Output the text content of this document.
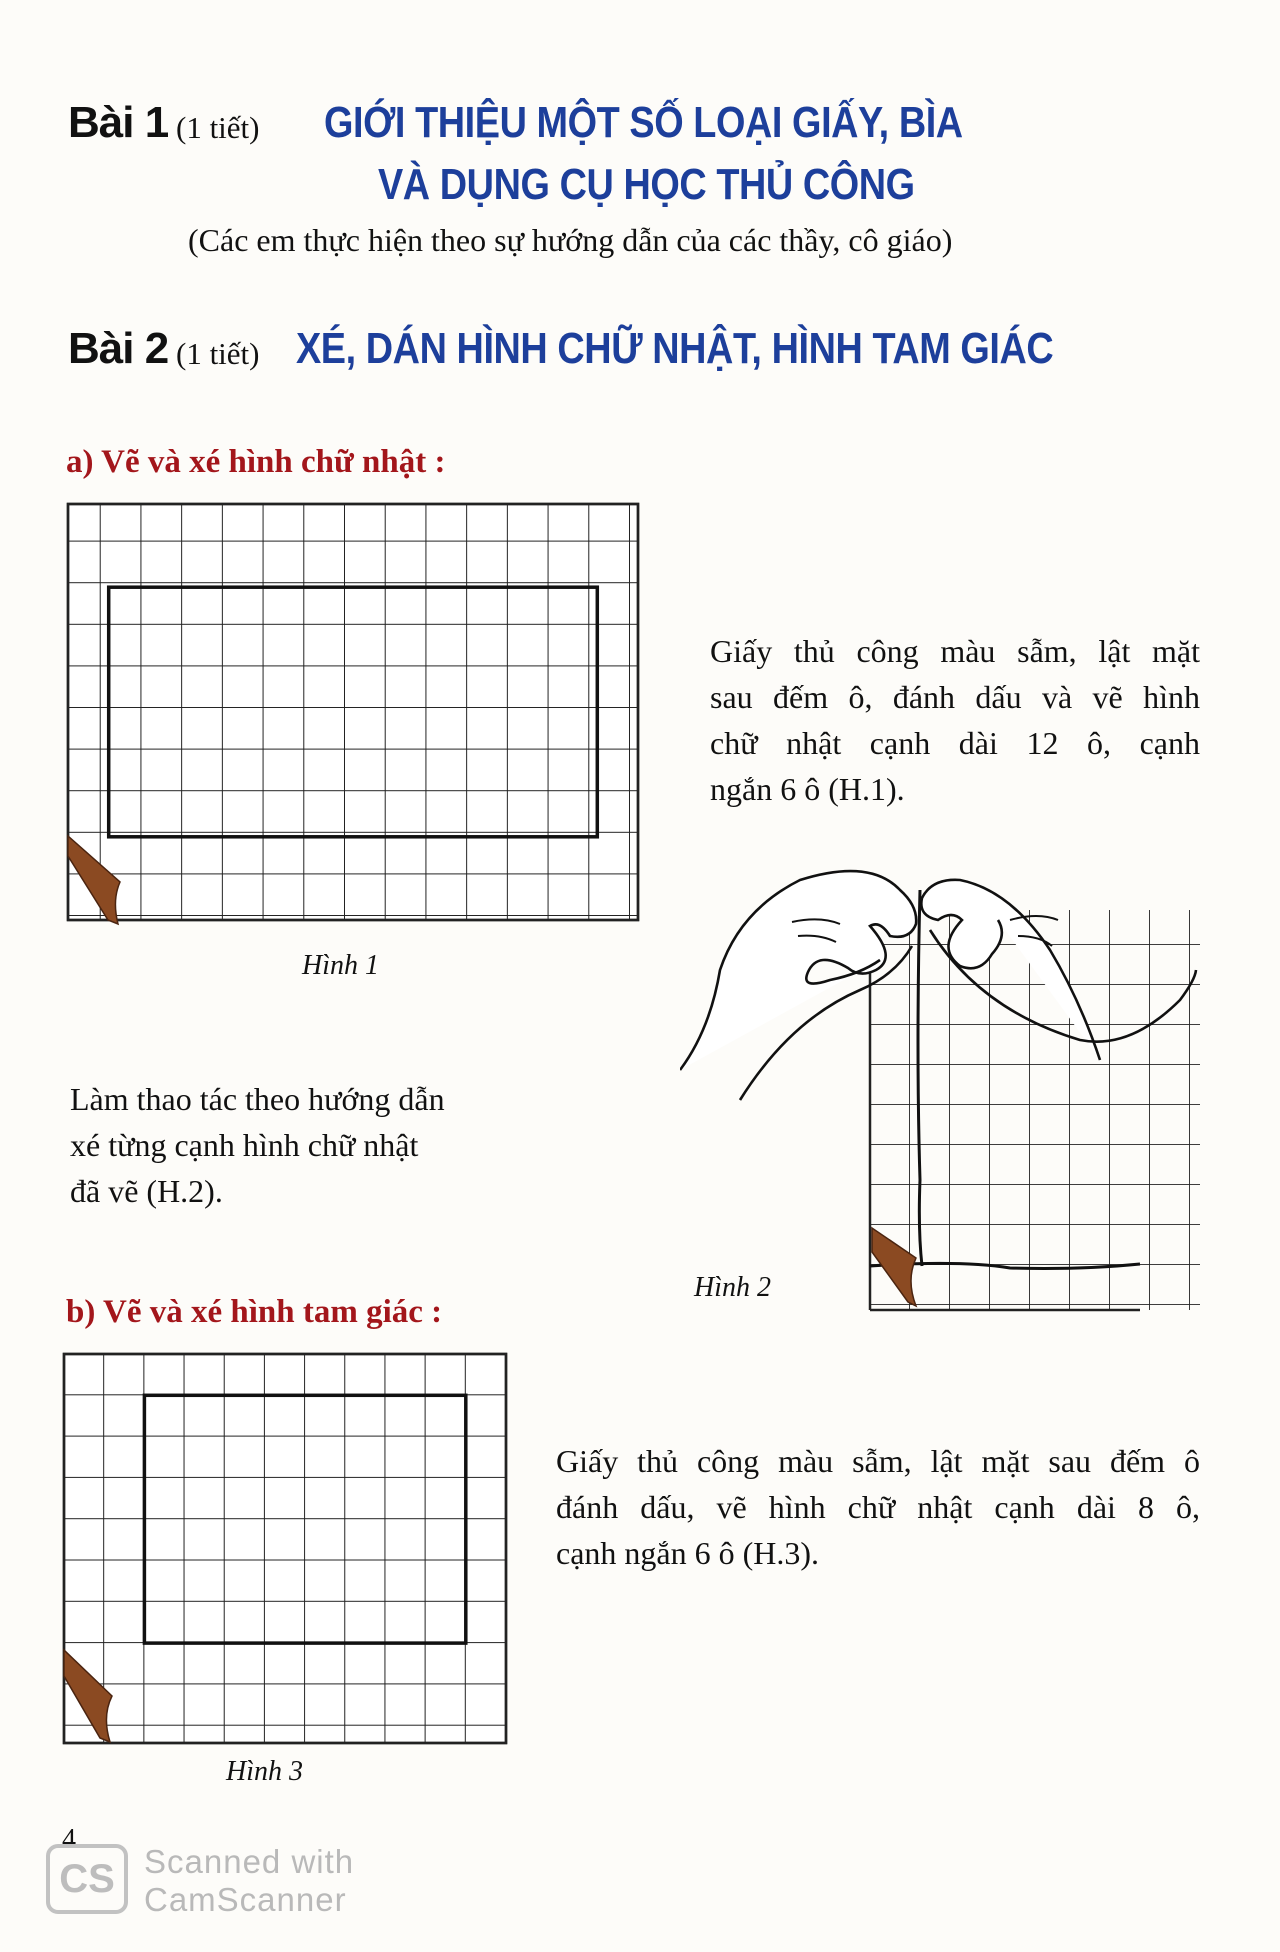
Bài 1 (1 tiết) GIỚI THIỆU MỘT SỐ LOẠI GIẤY, BÌA
VÀ DỤNG CỤ HỌC THỦ CÔNG
(Các em thực hiện theo sự hướng dẫn của các thầy, cô giáo)
Bài 2 (1 tiết) XÉ, DÁN HÌNH CHỮ NHẬT, HÌNH TAM GIÁC
a) Vẽ và xé hình chữ nhật :
Hình 1
Giấy thủ công màu sẫm, lật mặt
sau đếm ô, đánh dấu và vẽ hình
chữ nhật cạnh dài 12 ô, cạnh
ngắn 6 ô (H.1).
Hình 2
Làm thao tác theo hướng dẫn
xé từng cạnh hình chữ nhật
đã vẽ (H.2).
b) Vẽ và xé hình tam giác :
Hình 3
Giấy thủ công màu sẫm, lật mặt sau đếm ô
đánh dấu, vẽ hình chữ nhật cạnh dài 8 ô,
cạnh ngắn 6 ô (H.3).
4
CS Scanned with
CamScanner
